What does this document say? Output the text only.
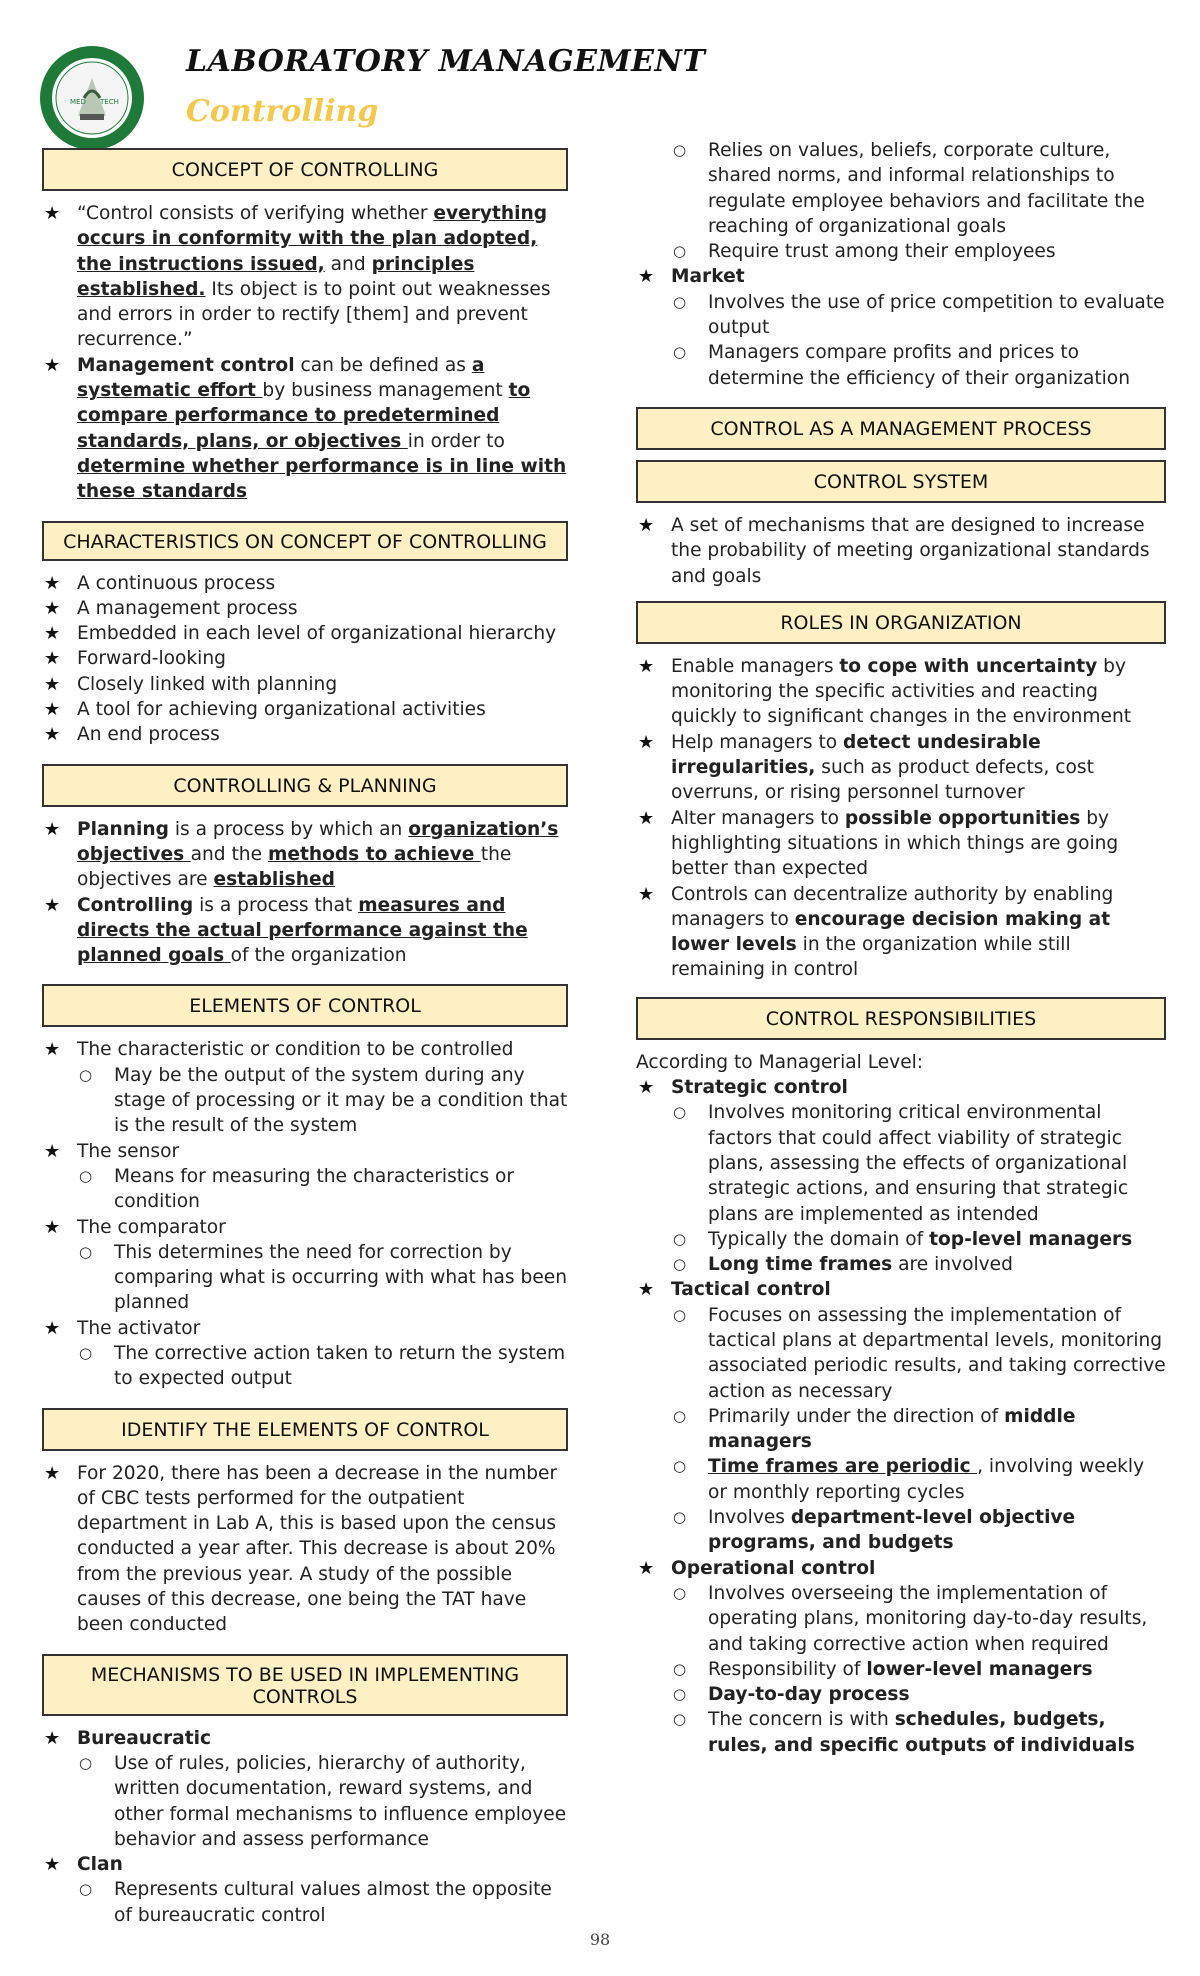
MED TECH
LABORATORY MANAGEMENT
Controlling
CONCEPT OF CONTROLLING
★ “Control consists of verifying whether everything occurs in conformity with the plan adopted, the instructions issued, and principles established. Its object is to point out weaknesses and errors in order to rectify [them] and prevent recurrence.”
★ Management control can be defined as a systematic effort by business management to compare performance to predetermined standards, plans, or objectives in order to determine whether performance is in line with these standards
CHARACTERISTICS ON CONCEPT OF CONTROLLING
★ A continuous process
★ A management process
★ Embedded in each level of organizational hierarchy
★ Forward-looking
★ Closely linked with planning
★ A tool for achieving organizational activities
★ An end process
CONTROLLING & PLANNING
★ Planning is a process by which an organization’s objectives and the methods to achieve the objectives are established
★ Controlling is a process that measures and directs the actual performance against the planned goals of the organization
ELEMENTS OF CONTROL
★ The characteristic or condition to be controlled
○ May be the output of the system during any stage of processing or it may be a condition that is the result of the system
★ The sensor
○ Means for measuring the characteristics or condition
★ The comparator
○ This determines the need for correction by comparing what is occurring with what has been planned
★ The activator
○ The corrective action taken to return the system to expected output
IDENTIFY THE ELEMENTS OF CONTROL
★ For 2020, there has been a decrease in the number of CBC tests performed for the outpatient department in Lab A, this is based upon the census conducted a year after. This decrease is about 20% from the previous year. A study of the possible causes of this decrease, one being the TAT have been conducted
MECHANISMS TO BE USED IN IMPLEMENTING CONTROLS
★ Bureaucratic
○ Use of rules, policies, hierarchy of authority, written documentation, reward systems, and other formal mechanisms to influence employee behavior and assess performance
★ Clan
○ Represents cultural values almost the opposite of bureaucratic control
○ Relies on values, beliefs, corporate culture, shared norms, and informal relationships to regulate employee behaviors and facilitate the reaching of organizational goals
○ Require trust among their employees
★ Market
○ Involves the use of price competition to evaluate output
○ Managers compare profits and prices to determine the efficiency of their organization
CONTROL AS A MANAGEMENT PROCESS
CONTROL SYSTEM
★ A set of mechanisms that are designed to increase the probability of meeting organizational standards and goals
ROLES IN ORGANIZATION
★ Enable managers to cope with uncertainty by monitoring the specific activities and reacting quickly to significant changes in the environment
★ Help managers to detect undesirable irregularities, such as product defects, cost overruns, or rising personnel turnover
★ Alter managers to possible opportunities by highlighting situations in which things are going better than expected
★ Controls can decentralize authority by enabling managers to encourage decision making at lower levels in the organization while still remaining in control
CONTROL RESPONSIBILITIES
According to Managerial Level:
★ Strategic control
○ Involves monitoring critical environmental factors that could affect viability of strategic plans, assessing the effects of organizational strategic actions, and ensuring that strategic plans are implemented as intended
○ Typically the domain of top-level managers
○ Long time frames are involved
★ Tactical control
○ Focuses on assessing the implementation of tactical plans at departmental levels, monitoring associated periodic results, and taking corrective action as necessary
○ Primarily under the direction of middle managers
○ Time frames are periodic , involving weekly or monthly reporting cycles
○ Involves department-level objective programs, and budgets
★ Operational control
○ Involves overseeing the implementation of operating plans, monitoring day-to-day results, and taking corrective action when required
○ Responsibility of lower-level managers
○ Day-to-day process
○ The concern is with schedules, budgets, rules, and specific outputs of individuals
98
